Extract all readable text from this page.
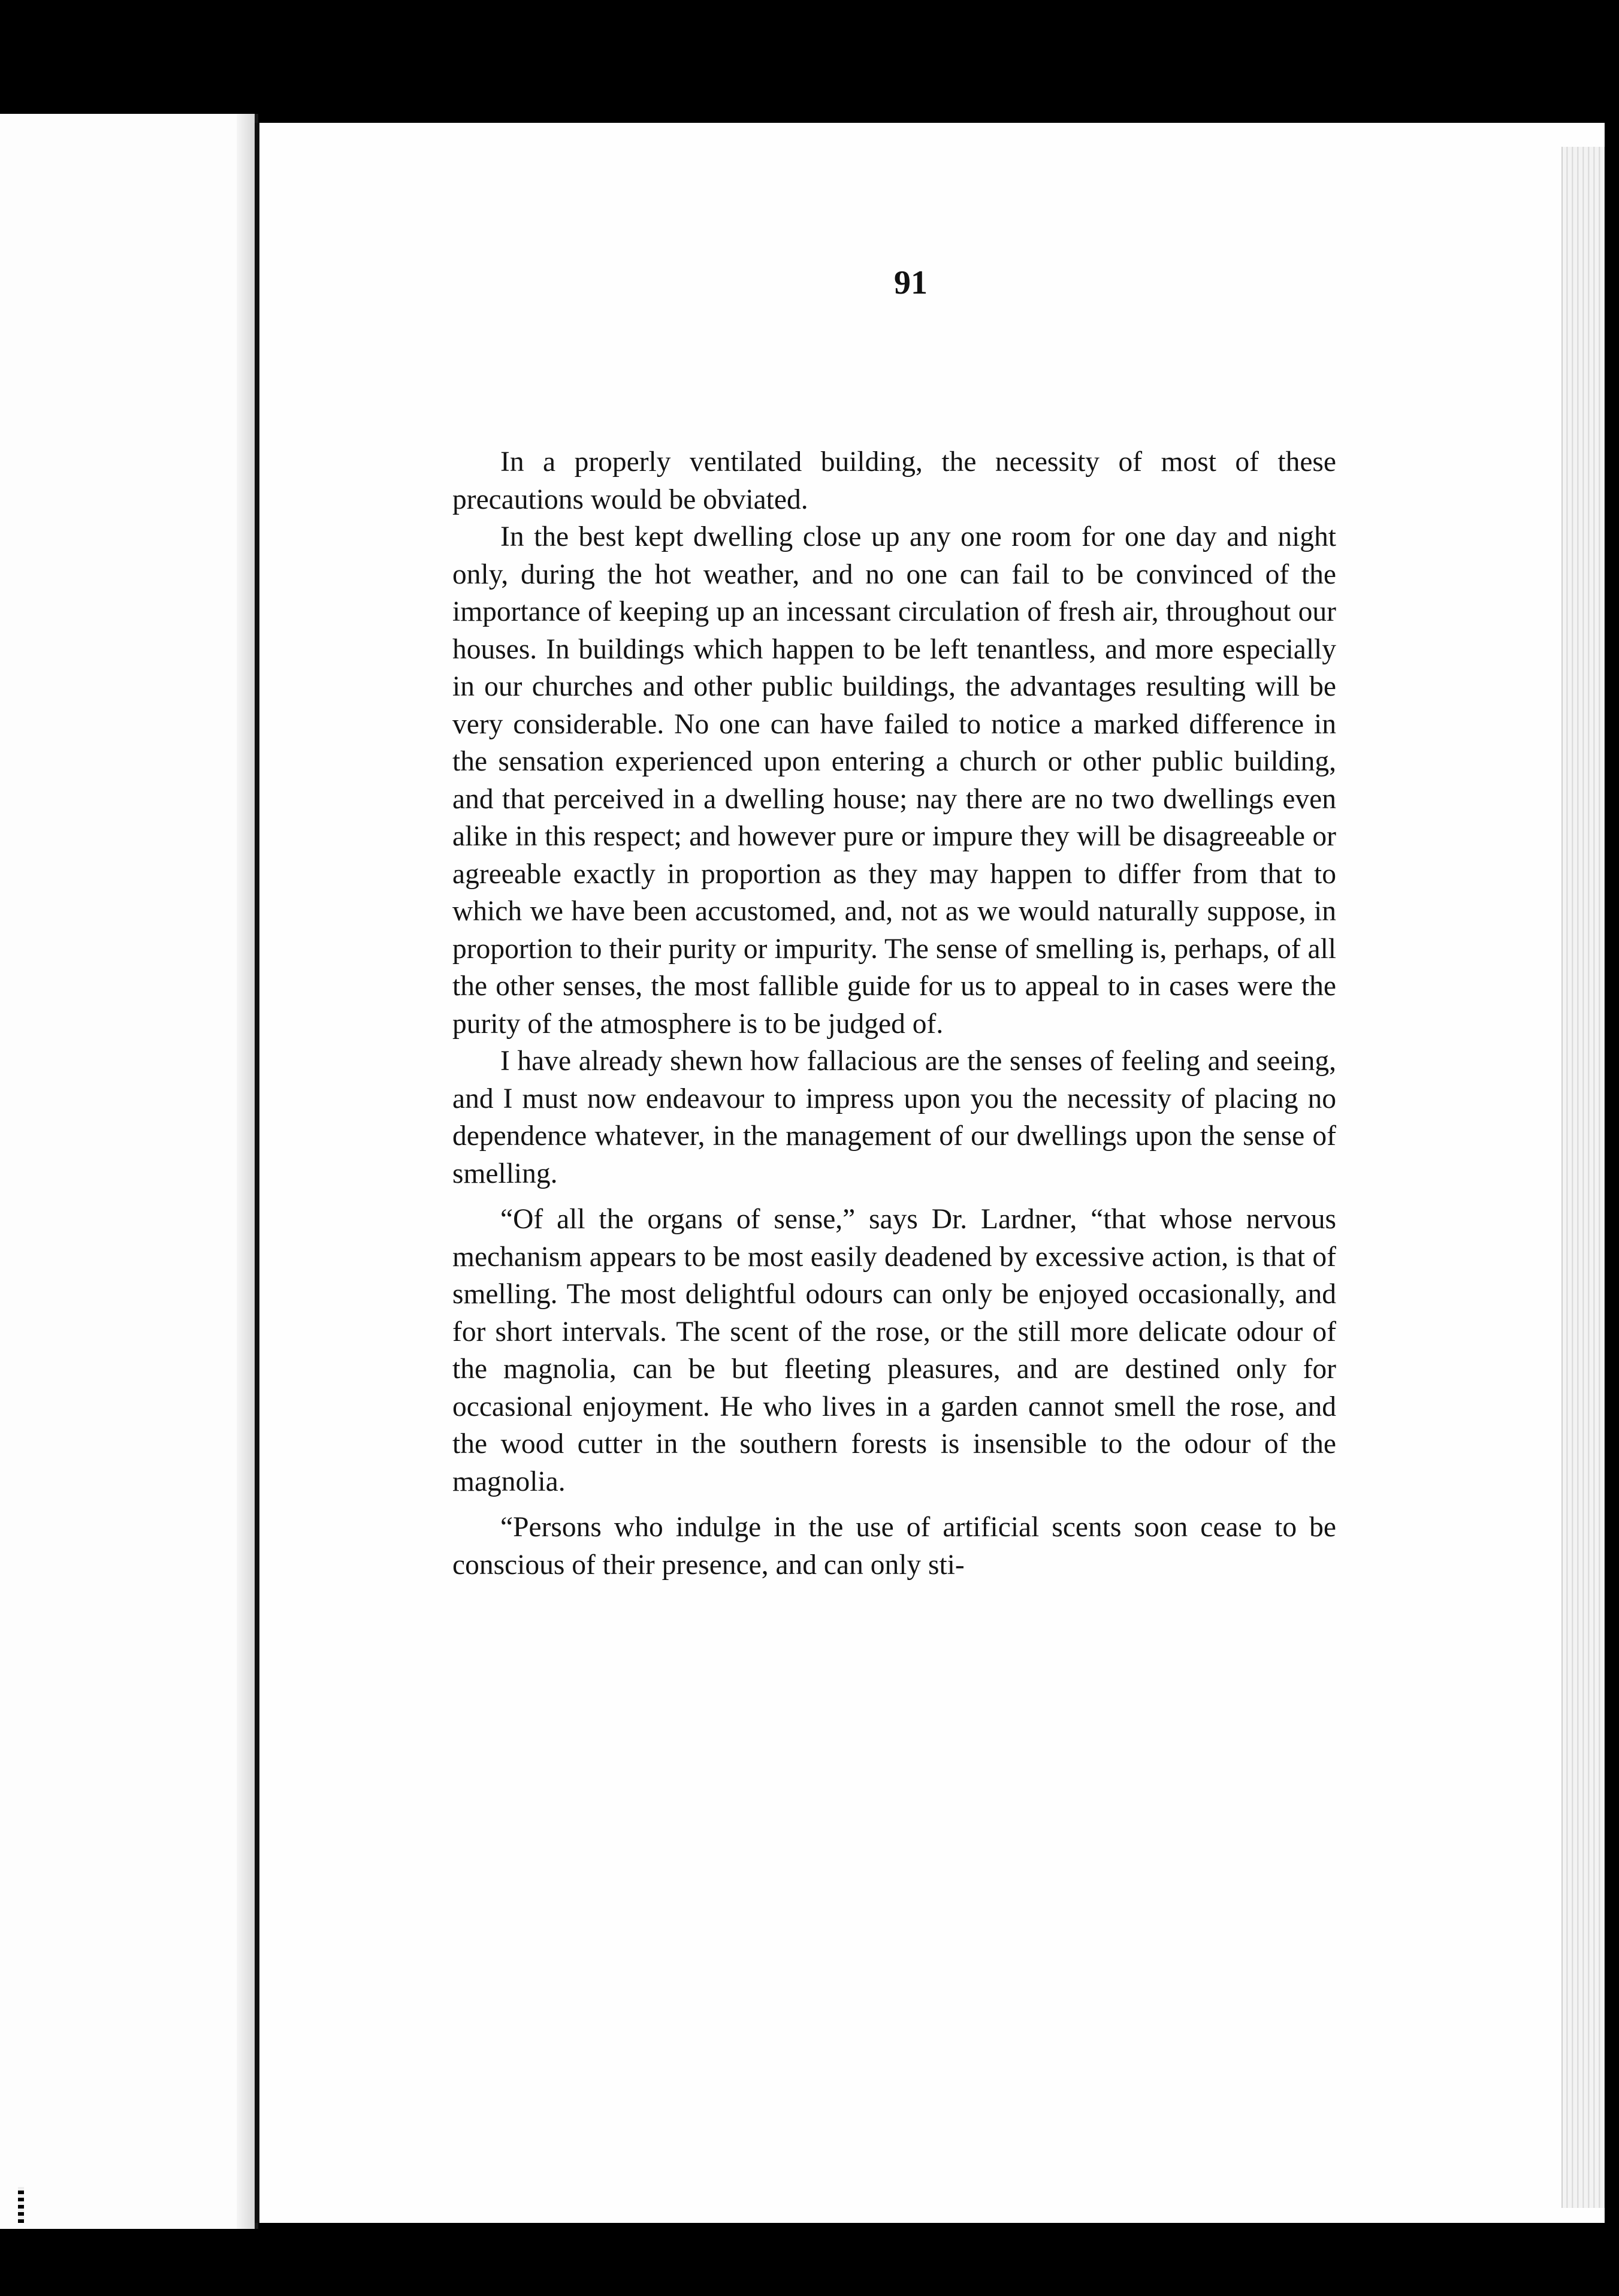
91

In a properly ventilated building, the necessity of most of these precautions would be obviated.

In the best kept dwelling close up any one room for one day and night only, during the hot weather, and no one can fail to be convinced of the importance of keeping up an incessant circulation of fresh air, throughout our houses. In buildings which happen to be left tenantless, and more especially in our churches and other public buildings, the advantages resulting will be very considerable. No one can have failed to notice a marked difference in the sensation experienced upon entering a church or other public building, and that perceived in a dwelling house; nay there are no two dwellings even alike in this respect; and however pure or impure they will be disagreeable or agreeable exactly in proportion as they may happen to differ from that to which we have been accustomed, and, not as we would naturally suppose, in proportion to their purity or impurity. The sense of smelling is, perhaps, of all the other senses, the most fallible guide for us to appeal to in cases were the purity of the atmosphere is to be judged of.

I have already shewn how fallacious are the senses of feeling and seeing, and I must now endeavour to impress upon you the necessity of placing no dependence whatever, in the management of our dwellings upon the sense of smelling.

“Of all the organs of sense,” says Dr. Lardner, “that whose nervous mechanism appears to be most easily deadened by excessive action, is that of smelling. The most delightful odours can only be enjoyed occasionally, and for short intervals. The scent of the rose, or the still more delicate odour of the magnolia, can be but fleeting pleasures, and are destined only for occasional enjoyment. He who lives in a garden cannot smell the rose, and the wood cutter in the southern forests is insensible to the odour of the magnolia.

“Persons who indulge in the use of artificial scents soon cease to be conscious of their presence, and can only sti-
